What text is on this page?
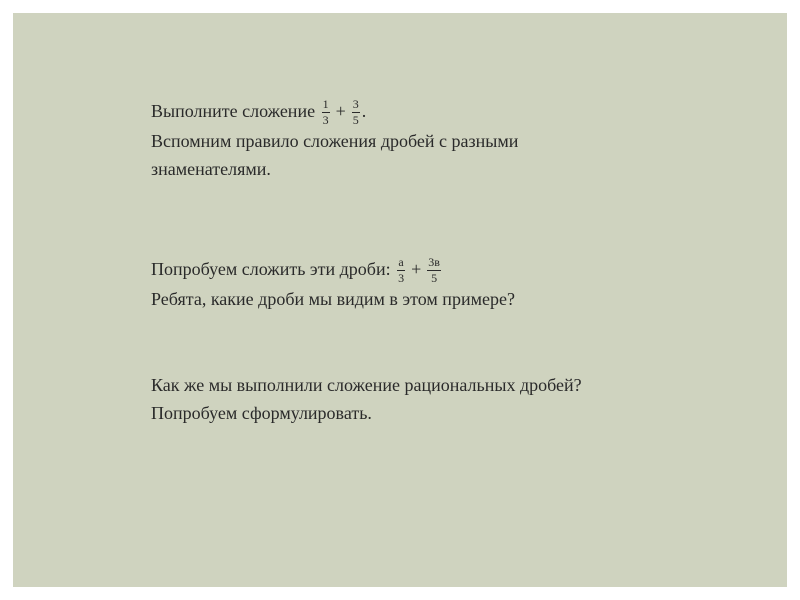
Выполните сложение $\frac{1}{3} + \frac{3}{5}$ .
Вспомним правило сложения дробей с разными
знаменателями.
Попробуем сложить эти дроби: $\frac{а}{3} + \frac{3в}{5}$
Ребята, какие дроби мы видим в этом примере?
Как же мы выполнили сложение рациональных дробей?
Попробуем сформулировать.
